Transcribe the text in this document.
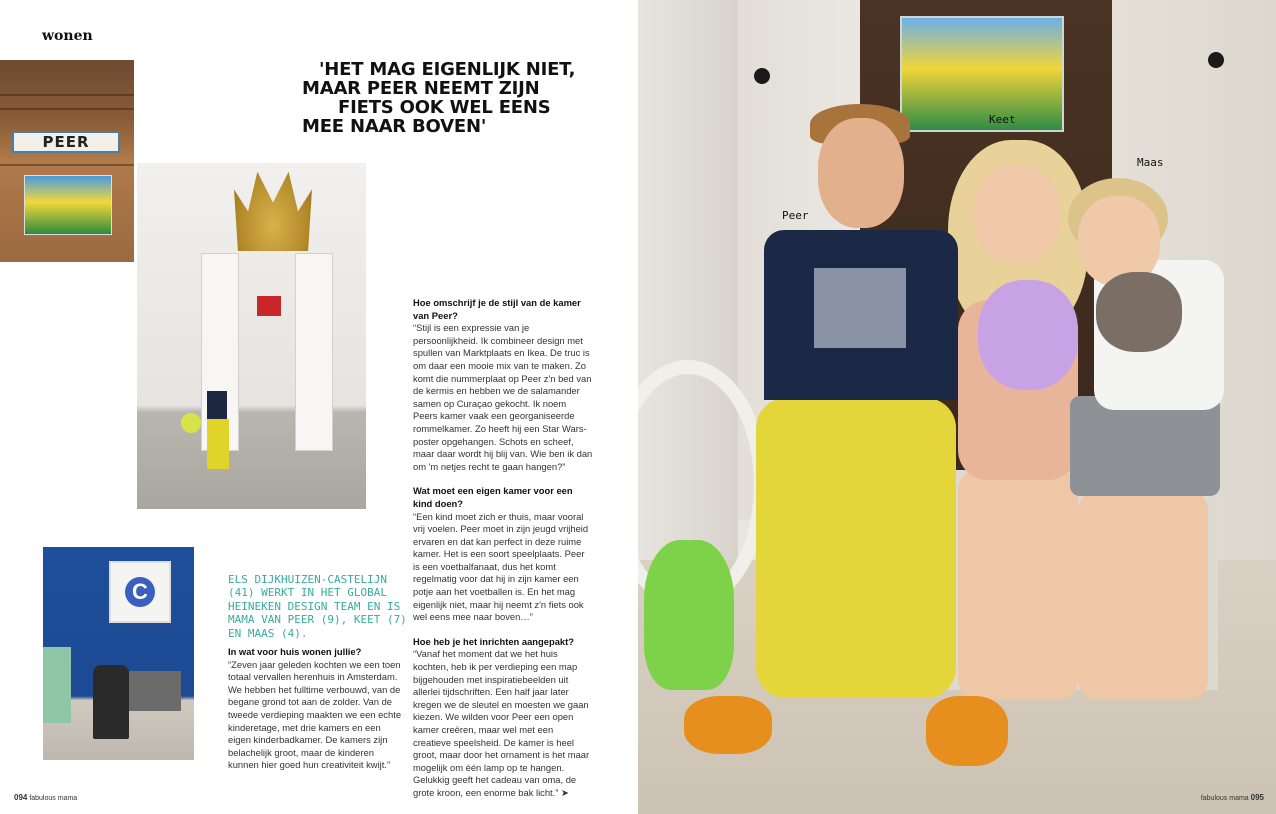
wonen
PEER
C
'HET MAG EIGENLIJK NIET,
MAAR PEER NEEMT ZIJN
FIETS OOK WEL EENS
MEE NAAR BOVEN'
ELS DIJKHUIZEN-CASTELIJN (41) WERKT IN HET GLOBAL HEINEKEN DESIGN TEAM EN IS MAMA VAN PEER (9), KEET (7) EN MAAS (4).

In wat voor huis wonen jullie?

“Zeven jaar geleden kochten we een toen totaal vervallen herenhuis in Amsterdam. We hebben het fulltime verbouwd, van de begane grond tot aan de zolder. Van de tweede verdieping maakten we een echte kinderetage, met drie kamers en een eigen kinderbadkamer. De kamers zijn belachelijk groot, maar de kinderen kunnen hier goed hun creativiteit kwijt.”

Hoe omschrijf je de stijl van de kamer van Peer?

“Stijl is een expressie van je persoonlijkheid. Ik combineer design met spullen van Marktplaats en Ikea. De truc is om daar een mooie mix van te maken. Zo komt die nummerplaat op Peer z'n bed van de kermis en hebben we de salamander samen op Curaçao gekocht. Ik noem Peers kamer vaak een georganiseerde rommelkamer. Zo heeft hij een Star Wars-poster opgehangen. Schots en scheef, maar daar wordt hij blij van. Wie ben ik dan om 'm netjes recht te gaan hangen?”

Wat moet een eigen kamer voor een kind doen?

“Een kind moet zich er thuis, maar vooral vrij voelen. Peer moet in zijn jeugd vrijheid ervaren en dat kan perfect in deze ruime kamer. Het is een soort speelplaats. Peer is een voetbalfanaat, dus het komt regelmatig voor dat hij in zijn kamer een potje aan het voetballen is. En het mag eigenlijk niet, maar hij neemt z'n fiets ook wel eens mee naar boven…”

Hoe heb je het inrichten aangepakt?

“Vanaf het moment dat we het huis kochten, heb ik per verdieping een map bijgehouden met inspiratiebeelden uit allerlei tijdschriften. Een half jaar later kregen we de sleutel en moesten we gaan kiezen. We wilden voor Peer een open kamer creëren, maar wel met een creatieve speelsheid. De kamer is heel groot, maar door het ornament is het maar mogelijk om één lamp op te hangen. Gelukkig geeft het cadeau van oma, de grote kroon, een enorme bak licht.” ➤

094 fabulous mama
Peer
Keet
Maas
fabulous mama 095
